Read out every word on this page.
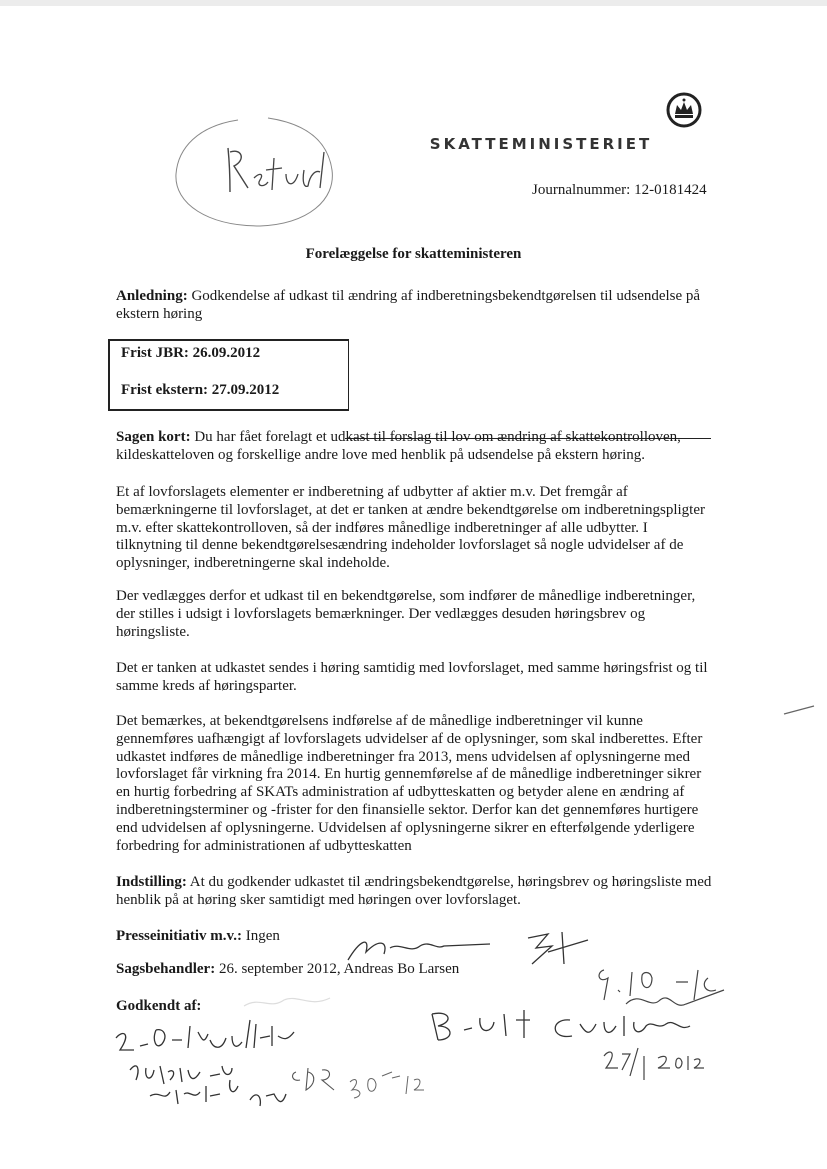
SKATTEMINISTERIET
Journalnummer: 12-0181424
Forelæggelse for skatteministeren

Anledning: Godkendelse af udkast til ændring af indberetningsbekendtgørelsen til udsendelse på ekstern høring

Frist JBR: 26.09.2012
Frist ekstern: 27.09.2012

Sagen kort: Du har fået forelagt et udkast til forslag til lov om ændring af skattekontrolloven, kildeskatteloven og forskellige andre love med henblik på udsendelse på ekstern høring.

Et af lovforslagets elementer er indberetning af udbytter af aktier m.v. Det fremgår af bemærkningerne til lovforslaget, at det er tanken at ændre bekendtgørelse om indberetningspligter m.v. efter skattekontrolloven, så der indføres månedlige indberetninger af alle udbytter. I tilknytning til denne bekendtgørelsesændring indeholder lovforslaget så nogle udvidelser af de oplysninger, indberetningerne skal indeholde.

Der vedlægges derfor et udkast til en bekendtgørelse, som indfører de månedlige indberetninger, der stilles i udsigt i lovforslagets bemærkninger. Der vedlægges desuden høringsbrev og høringsliste.

Det er tanken at udkastet sendes i høring samtidig med lovforslaget, med samme høringsfrist og til samme kreds af høringsparter.

Det bemærkes, at bekendtgørelsens indførelse af de månedlige indberetninger vil kunne gennemføres uafhængigt af lovforslagets udvidelser af de oplysninger, som skal indberettes. Efter udkastet indføres de månedlige indberetninger fra 2013, mens udvidelsen af oplysningerne med lovforslaget får virkning fra 2014. En hurtig gennemførelse af de månedlige indberetninger sikrer en hurtig forbedring af SKATs administration af udbytteskatten og betyder alene en ændring af indberetningsterminer og -frister for den finansielle sektor. Derfor kan det gennemføres hurtigere end udvidelsen af oplysningerne. Udvidelsen af oplysningerne sikrer en efterfølgende yderligere forbedring for administrationen af udbytteskatten

Indstilling: At du godkender udkastet til ændringsbekendtgørelse, høringsbrev og høringsliste med henblik på at høring sker samtidigt med høringen over lovforslaget.

Presseinitiativ m.v.: Ingen
Sagsbehandler: 26. september 2012, Andreas Bo Larsen
Godkendt af:
